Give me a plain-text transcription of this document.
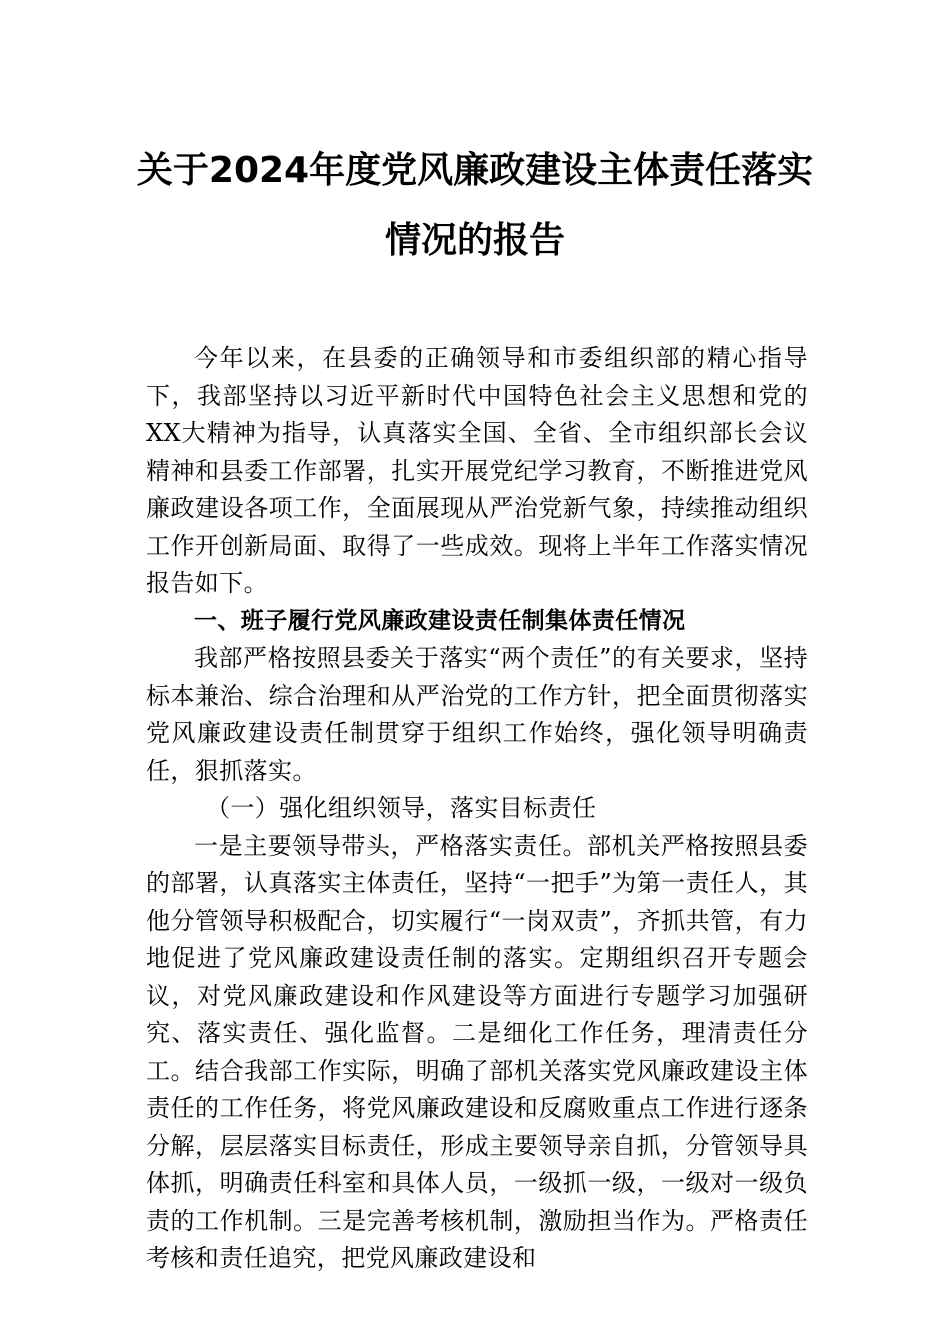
关于2024年度党风廉政建设主体责任落实
情况的报告

今年以来，在县委的正确领导和市委组织部的精心指导下，我部坚持以习近平新时代中国特色社会主义思想和党的XX大精神为指导，认真落实全国、全省、全市组织部长会议精神和县委工作部署，扎实开展党纪学习教育，不断推进党风廉政建设各项工作，全面展现从严治党新气象，持续推动组织工作开创新局面、取得了一些成效。现将上半年工作落实情况报告如下。

一、班子履行党风廉政建设责任制集体责任情况

我部严格按照县委关于落实“两个责任”的有关要求，坚持标本兼治、综合治理和从严治党的工作方针，把全面贯彻落实党风廉政建设责任制贯穿于组织工作始终，强化领导明确责任，狠抓落实。

（一）强化组织领导，落实目标责任

一是主要领导带头，严格落实责任。部机关严格按照县委的部署，认真落实主体责任，坚持“一把手”为第一责任人，其他分管领导积极配合，切实履行“一岗双责”，齐抓共管，有力地促进了党风廉政建设责任制的落实。定期组织召开专题会议，对党风廉政建设和作风建设等方面进行专题学习加强研究、落实责任、强化监督。二是细化工作任务，理清责任分工。结合我部工作实际，明确了部机关落实党风廉政建设主体责任的工作任务，将党风廉政建设和反腐败重点工作进行逐条分解，层层落实目标责任，形成主要领导亲自抓，分管领导具体抓，明确责任科室和具体人员，一级抓一级，一级对一级负责的工作机制。三是完善考核机制，激励担当作为。严格责任考核和责任追究，把党风廉政建设和
